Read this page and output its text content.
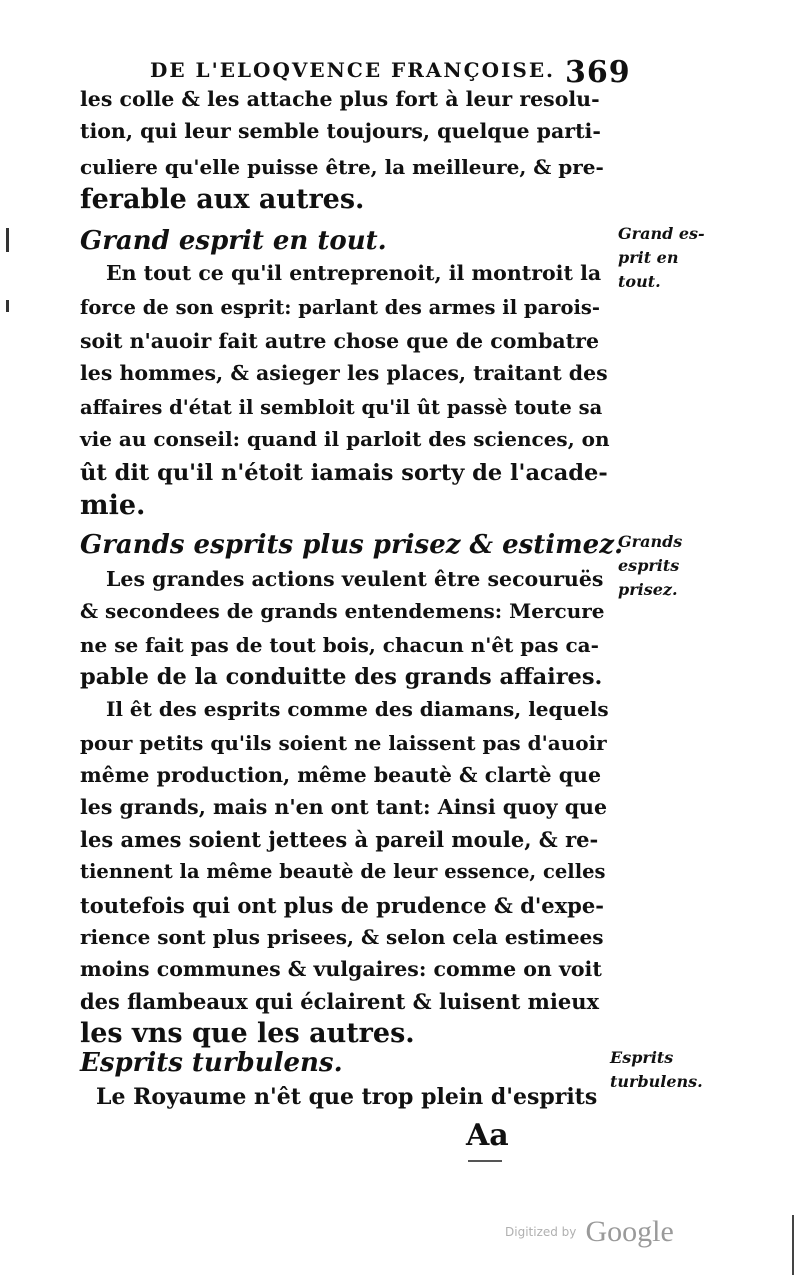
DE L'ELOQVENCE FRANÇOISE. 369
les colle & les attache plus fort à leur resolu-
tion, qui leur semble toujours, quelque parti-
culiere qu'elle puisse être, la meilleure, & pre-
ferable aux autres.
Grand esprit en tout.	Grand es-
prit en
tout.
En tout ce qu'il entreprenoit, il montroit la
force de son esprit: parlant des armes il parois-
soit n'auoir fait autre chose que de combatre
les hommes, & asieger les places, traitant des
affaires d'état il sembloit qu'il ût passè toute sa
vie au conseil: quand il parloit des sciences, on
ût dit qu'il n'étoit iamais sorty de l'acade-
mie.
Grands esprits plus prisez & estimez.
Grands
esprits
prisez.
Les grandes actions veulent être secouruës
& secondees de grands entendemens: Mercure
ne se fait pas de tout bois, chacun n'êt pas ca-
pable de la conduitte des grands affaires.
Il êt des esprits comme des diamans, lequels
pour petits qu'ils soient ne laissent pas d'auoir
même production, même beautè & clartè que
les grands, mais n'en ont tant: Ainsi quoy que
les ames soient jettees à pareil moule, & re-
tiennent la même beautè de leur essence, celles
toutefois qui ont plus de prudence & d'expe-
rience sont plus prisees, & selon cela estimees
moins communes & vulgaires: comme on voit
des flambeaux qui éclairent & luisent mieux
les vns que les autres.
Esprits turbulens.	Esprits
turbulens.
Le Royaume n'êt que trop plein d'esprits
Aa
Digitized by Google
